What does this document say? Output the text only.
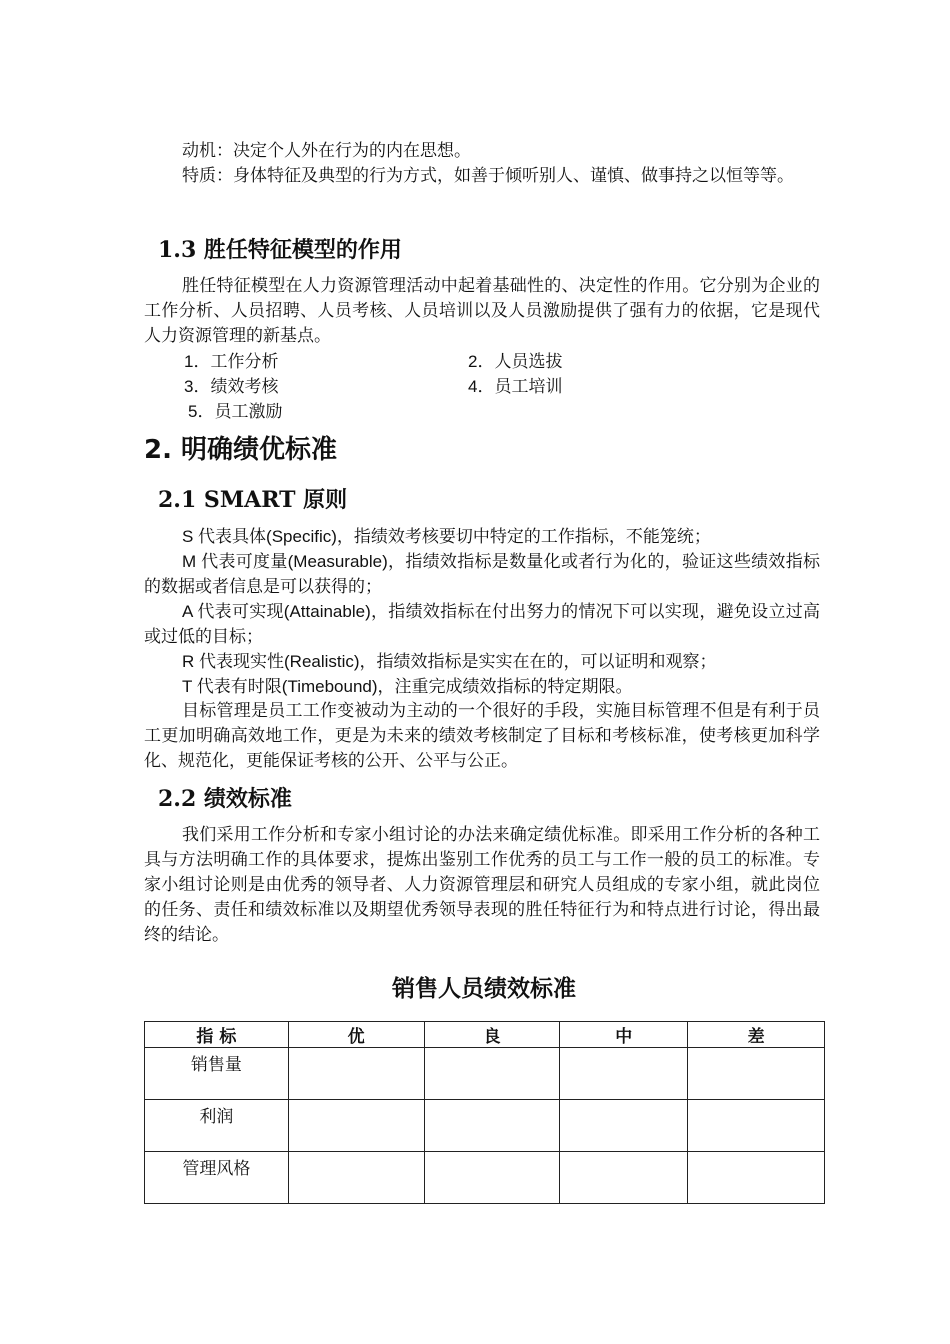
动机：决定个人外在行为的内在思想。
特质：身体特征及典型的行为方式，如善于倾听别人、谨慎、做事持之以恒等等。
1.3 胜任特征模型的作用
胜任特征模型在人力资源管理活动中起着基础性的、决定性的作用。它分别为企业的工作分析、人员招聘、人员考核、人员培训以及人员激励提供了强有力的依据，它是现代人力资源管理的新基点。
1．工作分析	2．人员选拔
3．绩效考核	4．员工培训
5．员工激励
2. 明确绩优标准
2.1 SMART 原则
S 代表具体(Specific)，指绩效考核要切中特定的工作指标，不能笼统；
M 代表可度量(Measurable)，指绩效指标是数量化或者行为化的，验证这些绩效指标的数据或者信息是可以获得的；
A 代表可实现(Attainable)，指绩效指标在付出努力的情况下可以实现，避免设立过高或过低的目标；
R 代表现实性(Realistic)，指绩效指标是实实在在的，可以证明和观察；
T 代表有时限(Timebound)，注重完成绩效指标的特定期限。
目标管理是员工工作变被动为主动的一个很好的手段，实施目标管理不但是有利于员工更加明确高效地工作，更是为未来的绩效考核制定了目标和考核标准，使考核更加科学化、规范化，更能保证考核的公开、公平与公正。
2.2 绩效标准
我们采用工作分析和专家小组讨论的办法来确定绩优标准。即采用工作分析的各种工具与方法明确工作的具体要求，提炼出鉴别工作优秀的员工与工作一般的员工的标准。专家小组讨论则是由优秀的领导者、人力资源管理层和研究人员组成的专家小组，就此岗位的任务、责任和绩效标准以及期望优秀领导表现的胜任特征行为和特点进行讨论，得出最终的结论。
销售人员绩效标准
指 标	优	良	中	差
销售量				
利润				
管理风格				
